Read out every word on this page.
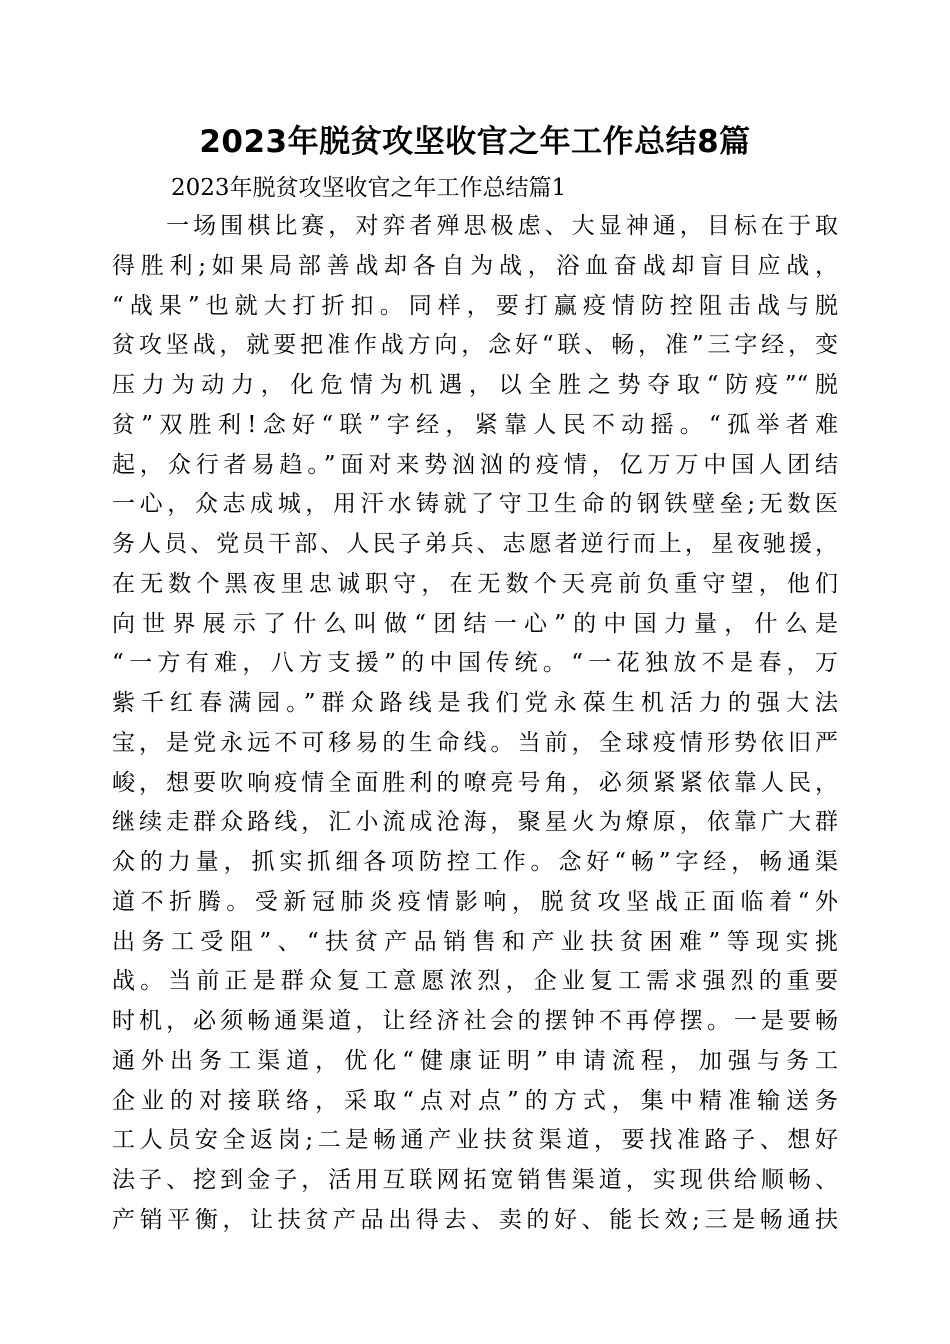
2023年脱贫攻坚收官之年工作总结8篇
2023年脱贫攻坚收官之年工作总结篇1
　　一场围棋比赛，对弈者殚思极虑、大显神通，目标在于取
得胜利;如果局部善战却各自为战，浴血奋战却盲目应战，
“战果”也就大打折扣。同样，要打赢疫情防控阻击战与脱
贫攻坚战，就要把准作战方向，念好“联、畅，准”三字经，变
压力为动力，化危情为机遇，以全胜之势夺取“防疫”“脱
贫”双胜利!念好“联”字经，紧靠人民不动摇。“孤举者难
起，众行者易趋。”面对来势汹汹的疫情，亿万万中国人团结
一心，众志成城，用汗水铸就了守卫生命的钢铁壁垒;无数医
务人员、党员干部、人民子弟兵、志愿者逆行而上，星夜驰援，
在无数个黑夜里忠诚职守，在无数个天亮前负重守望，他们
向世界展示了什么叫做“团结一心”的中国力量，什么是
“一方有难，八方支援”的中国传统。“一花独放不是春，万
紫千红春满园。”群众路线是我们党永葆生机活力的强大法
宝，是党永远不可移易的生命线。当前，全球疫情形势依旧严
峻，想要吹响疫情全面胜利的嘹亮号角，必须紧紧依靠人民，
继续走群众路线，汇小流成沧海，聚星火为燎原，依靠广大群
众的力量，抓实抓细各项防控工作。念好“畅”字经，畅通渠
道不折腾。受新冠肺炎疫情影响，脱贫攻坚战正面临着“外
出务工受阻”、“扶贫产品销售和产业扶贫困难”等现实挑
战。当前正是群众复工意愿浓烈，企业复工需求强烈的重要
时机，必须畅通渠道，让经济社会的摆钟不再停摆。一是要畅
通外出务工渠道，优化“健康证明”申请流程，加强与务工
企业的对接联络，采取“点对点”的方式，集中精准输送务
工人员安全返岗;二是畅通产业扶贫渠道，要找准路子、想好
法子、挖到金子，活用互联网拓宽销售渠道，实现供给顺畅、
产销平衡，让扶贫产品出得去、卖的好、能长效;三是畅通扶
